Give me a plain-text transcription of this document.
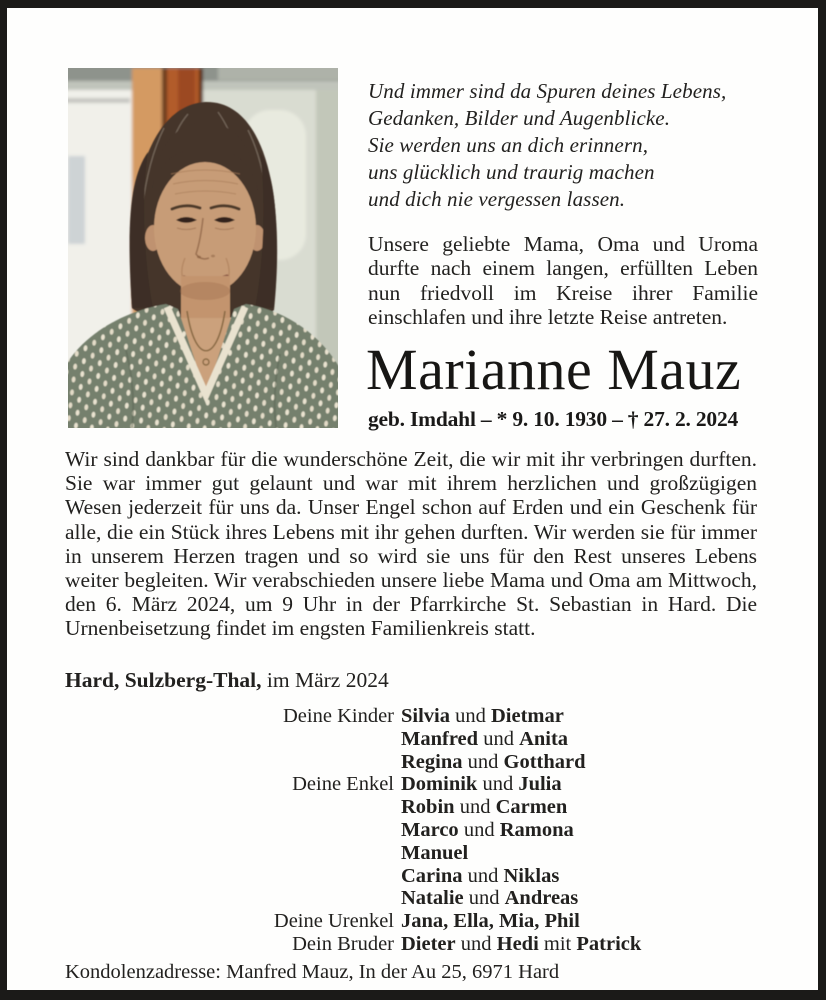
Und immer sind da Spuren deines Lebens,
Gedanken, Bilder und Augenblicke.
Sie werden uns an dich erinnern,
uns glücklich und traurig machen
und dich nie vergessen lassen.
Unsere geliebte Mama, Oma und Uroma durfte nach einem langen, erfüllten Leben nun friedvoll im Kreise ihrer Familie einschlafen und ihre letzte Reise antreten.
Marianne Mauz
geb. Imdahl – * 9. 10. 1930 – † 27. 2. 2024
Wir sind dankbar für die wunderschöne Zeit, die wir mit ihr verbringen durften. Sie war immer gut gelaunt und war mit ihrem herzlichen und großzügigen Wesen jederzeit für uns da. Unser Engel schon auf Erden und ein Geschenk für alle, die ein Stück ihres Lebens mit ihr gehen durften. Wir werden sie für immer in unserem Herzen tragen und so wird sie uns für den Rest unseres Lebens weiter begleiten. Wir verabschieden unsere liebe Mama und Oma am Mittwoch, den 6. März 2024, um 9 Uhr in der Pfarrkirche St. Sebastian in Hard. Die Urnenbeisetzung findet im engsten Familienkreis statt.
Hard, Sulzberg-Thal, im März 2024
Deine Kinder Silvia und Dietmar
Manfred und Anita
Regina und Gotthard
Deine Enkel Dominik und Julia
Robin und Carmen
Marco und Ramona
Manuel
Carina und Niklas
Natalie und Andreas
Deine Urenkel Jana, Ella, Mia, Phil
Dein Bruder Dieter und Hedi mit Patrick
Kondolenzadresse: Manfred Mauz, In der Au 25, 6971 Hard
